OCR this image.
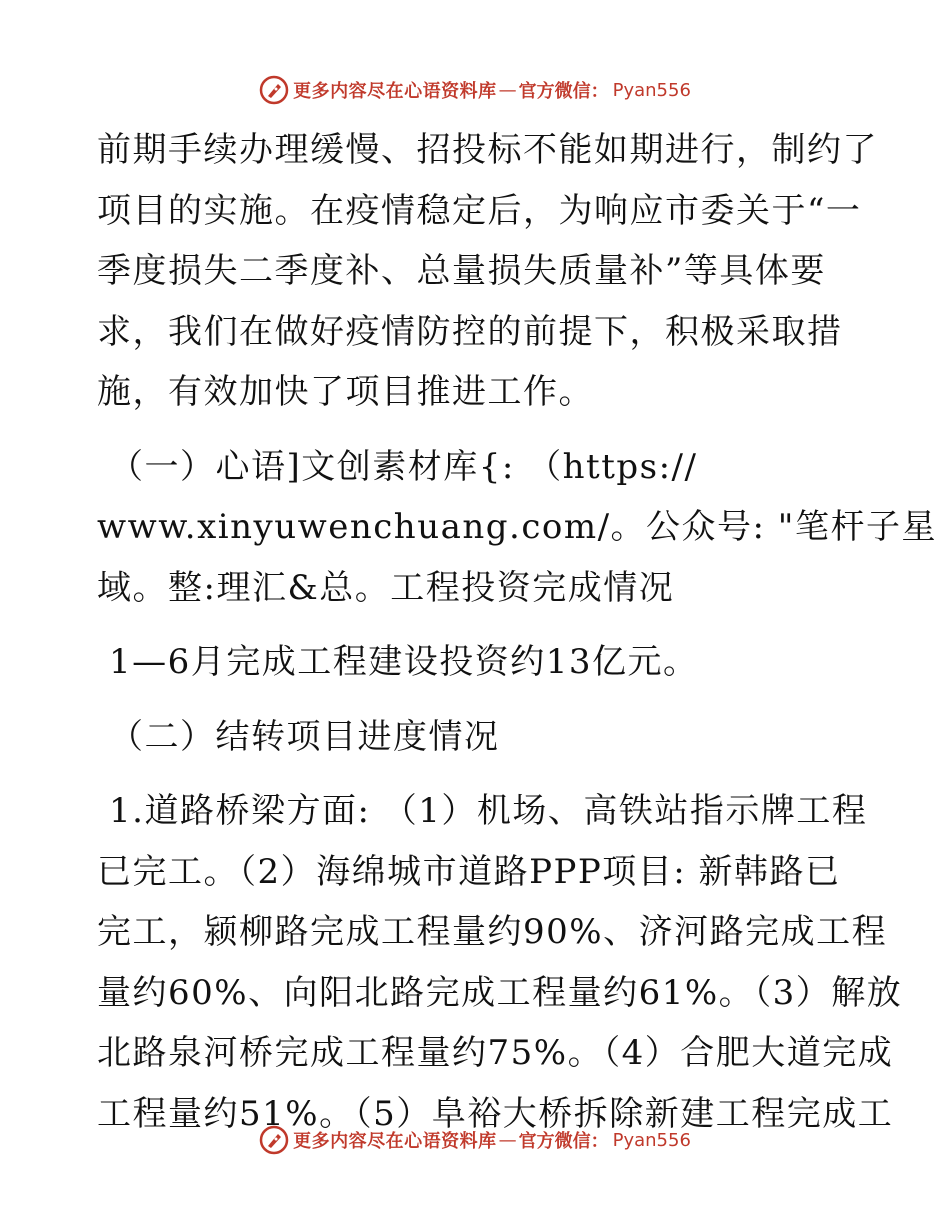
更多内容尽在心语资料库 — 官方微信： Pyan556
前期手续办理缓慢、招投标不能如期进行，制约了
项目的实施。在疫情稳定后，为响应市委关于“一
季度损失二季度补、总量损失质量补”等具体要
求，我们在做好疫情防控的前提下，积极采取措
施，有效加快了项目推进工作。
（一）心语]文创素材库{: （https://
www.xinyuwenchuang.com/。公众号: "笔杆子星
域。整:理汇&总。工程投资完成情况
1—6月完成工程建设投资约13亿元。
（二）结转项目进度情况
1.道路桥梁方面: （1）机场、高铁站指示牌工程
已完工。（2）海绵城市道路PPP项目: 新韩路已
完工，颍柳路完成工程量约90%、济河路完成工程
量约60%、向阳北路完成工程量约61%。（3）解放
北路泉河桥完成工程量约75%。（4）合肥大道完成
工程量约51%。（5）阜裕大桥拆除新建工程完成工
更多内容尽在心语资料库 — 官方微信： Pyan556
